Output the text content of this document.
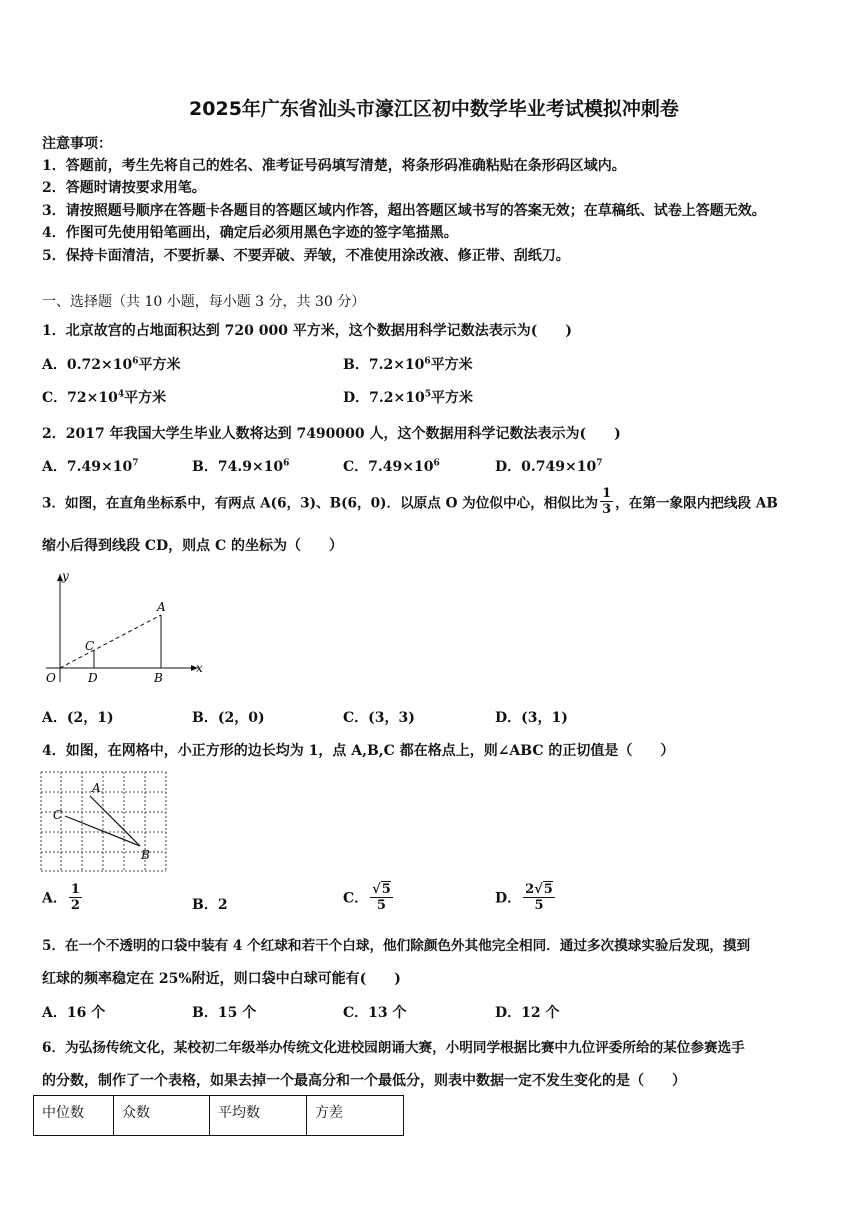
2025年广东省汕头市濠江区初中数学毕业考试模拟冲刺卷
注意事项：
1．答题前，考生先将自己的姓名、准考证号码填写清楚，将条形码准确粘贴在条形码区域内。
2．答题时请按要求用笔。
3．请按照题号顺序在答题卡各题目的答题区域内作答，超出答题区域书写的答案无效；在草稿纸、试卷上答题无效。
4．作图可先使用铅笔画出，确定后必须用黑色字迹的签字笔描黑。
5．保持卡面清洁，不要折暴、不要弄破、弄皱，不准使用涂改液、修正带、刮纸刀。
一、选择题（共 10 小题，每小题 3 分，共 30 分）
1．北京故宫的占地面积达到 720 000 平方米，这个数据用科学记数法表示为(　　)
A．$0.72\times 10^6$平方米	B．$7.2\times 10^6$平方米
C．$72\times 10^4$平方米	D．$7.2\times 10^5$平方米
2．2017 年我国大学生毕业人数将达到 7490000 人，这个数据用科学记数法表示为(　　)
A．$7.49\times 10^7$	B．$74.9\times 10^6$	C．$7.49\times 10^6$	D．$0.749\times 10^7$
3．如图，在直角坐标系中，有两点 A(6，3)、B(6，0)．以原点 O 为位似中心，相似比为 $\frac{1}{3}$ ，在第一象限内把线段 AB
缩小后得到线段 CD，则点 C 的坐标为（　　）
y
x
O
A
B
C
D
A．(2，1)	B．(2，0)	C．(3，3)	D．(3，1)
4．如图，在网格中，小正方形的边长均为 1，点 A,B,C 都在格点上，则∠ABC 的正切值是（　　）
A
C
B
A． $\frac{1}{2}$	B．2	C． $\frac{√5}{5}$	D． $\frac{2√5}{5}$
5．在一个不透明的口袋中装有 4 个红球和若干个白球，他们除颜色外其他完全相同．通过多次摸球实验后发现，摸到
红球的频率稳定在 25%附近，则口袋中白球可能有(　　)
A．16 个	B．15 个	C．13 个	D．12 个
6．为弘扬传统文化，某校初二年级举办传统文化进校园朗诵大赛，小明同学根据比赛中九位评委所给的某位参赛选手
的分数，制作了一个表格，如果去掉一个最高分和一个最低分，则表中数据一定不发生变化的是（　　）
中位数	众数	平均数	方差
